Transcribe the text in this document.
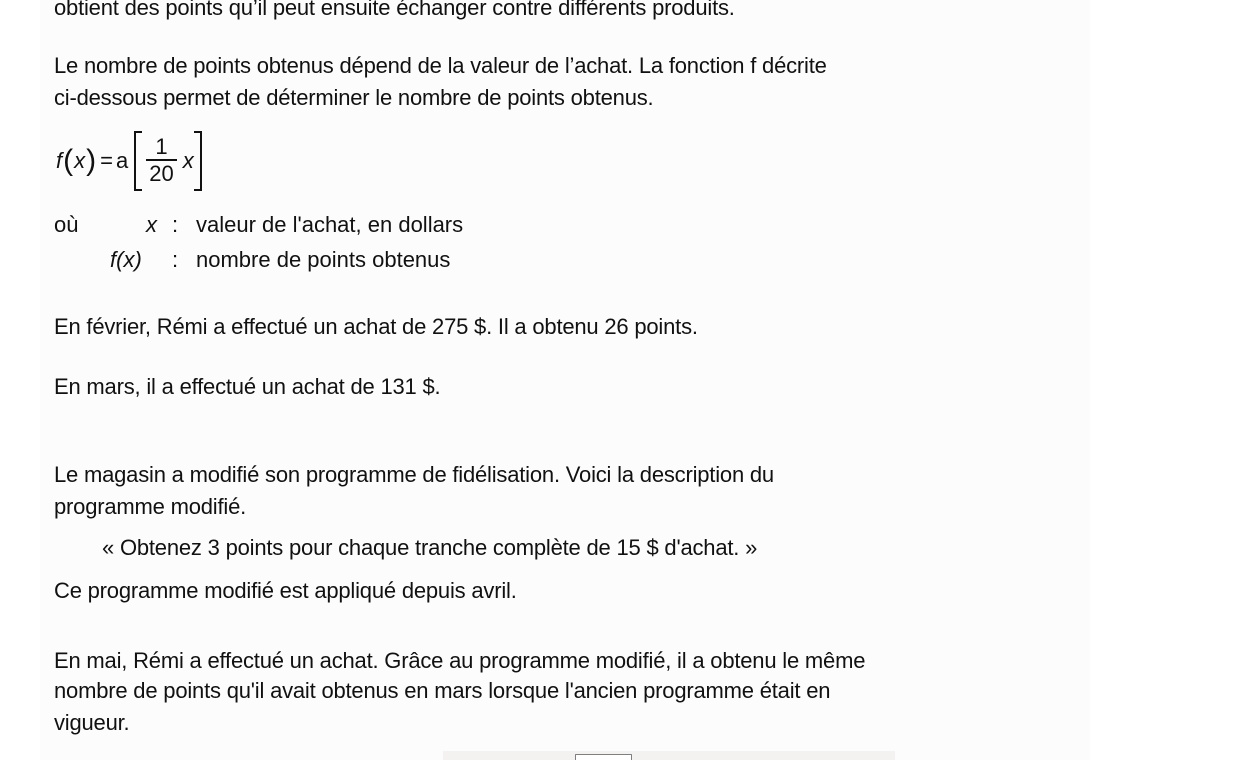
obtient des points qu’il peut ensuite échanger contre différents produits.
Le nombre de points obtenus dépend de la valeur de l’achat. La fonction f décrite
ci-dessous permet de déterminer le nombre de points obtenus.
f ( x ) = a $\frac{1}{20}$ x
où	x : valeur de l'achat, en dollars
f(x) : nombre de points obtenus
En février, Rémi a effectué un achat de 275 $. Il a obtenu 26 points.
En mars, il a effectué un achat de 131 $.
Le magasin a modifié son programme de fidélisation. Voici la description du
programme modifié.
« Obtenez 3 points pour chaque tranche complète de 15 $ d'achat. »
Ce programme modifié est appliqué depuis avril.
En mai, Rémi a effectué un achat. Grâce au programme modifié, il a obtenu le même
nombre de points qu'il avait obtenus en mars lorsque l'ancien programme était en
vigueur.
